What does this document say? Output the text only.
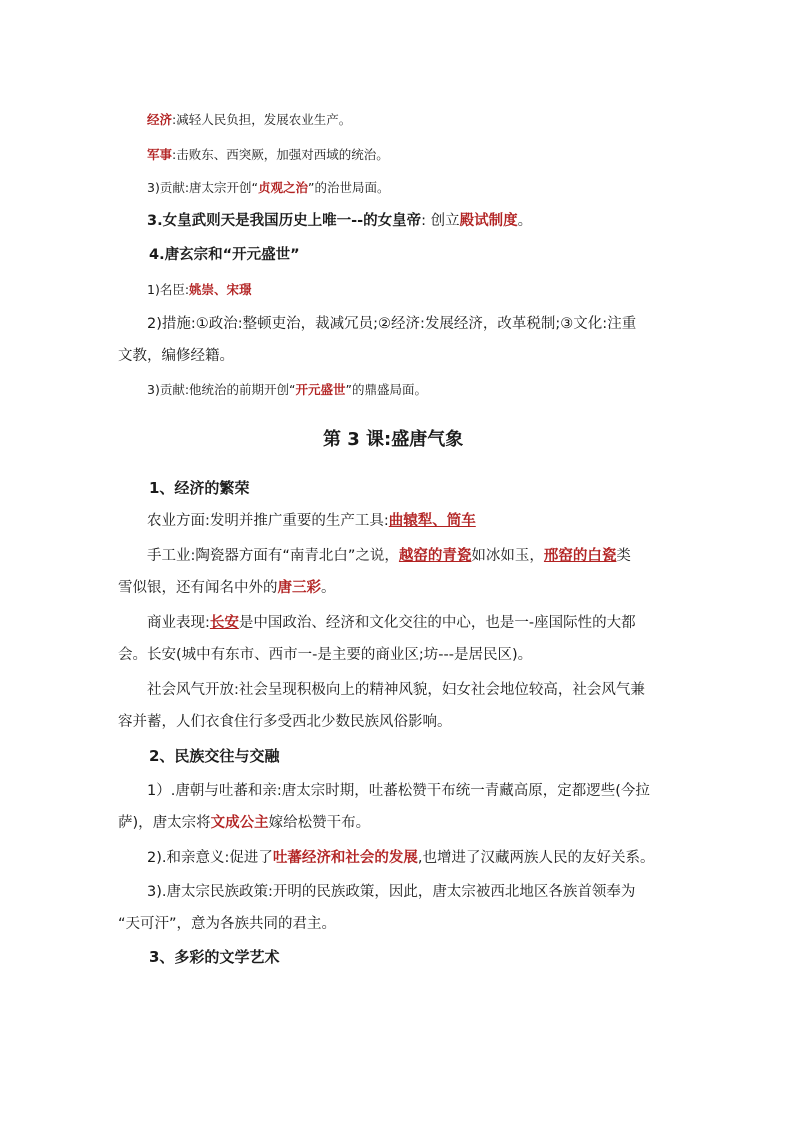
经济:减轻人民负担，发展农业生产。
军事:击败东、西突厥，加强对西域的统治。
3)贡献:唐太宗开创“贞观之治”的治世局面。
3.女皇武则天是我国历史上唯一--的女皇帝: 创立殿试制度。
4.唐玄宗和“开元盛世”
1)名臣:姚崇、宋璟
2)措施:①政治:整顿吏治，裁减冗员;②经济:发展经济，改革税制;③文化:注重
文教，编修经籍。
3)贡献:他统治的前期开创“开元盛世”的鼎盛局面。
第 3 课:盛唐气象
1、经济的繁荣
农业方面:发明并推广重要的生产工具:曲辕犁、筒车
手工业:陶瓷器方面有“南青北白”之说，越窑的青瓷如冰如玉，邢窑的白瓷类
雪似银，还有闻名中外的唐三彩。
商业表现:长安是中国政治、经济和文化交往的中心，也是一-座国际性的大都
会。长安(城中有东市、西市一-是主要的商业区;坊---是居民区)。
社会风气开放:社会呈现积极向上的精神风貌，妇女社会地位较高，社会风气兼
容并蓄，人们衣食住行多受西北少数民族风俗影响。
2、民族交往与交融
1）.唐朝与吐蕃和亲:唐太宗时期，吐蕃松赞干布统一青藏高原，定都逻些(今拉
萨)，唐太宗将文成公主嫁给松赞干布。
2).和亲意义:促进了吐蕃经济和社会的发展,也增进了汉藏两族人民的友好关系。
3).唐太宗民族政策:开明的民族政策，因此，唐太宗被西北地区各族首领奉为
“天可汗”，意为各族共同的君主。
3、多彩的文学艺术
